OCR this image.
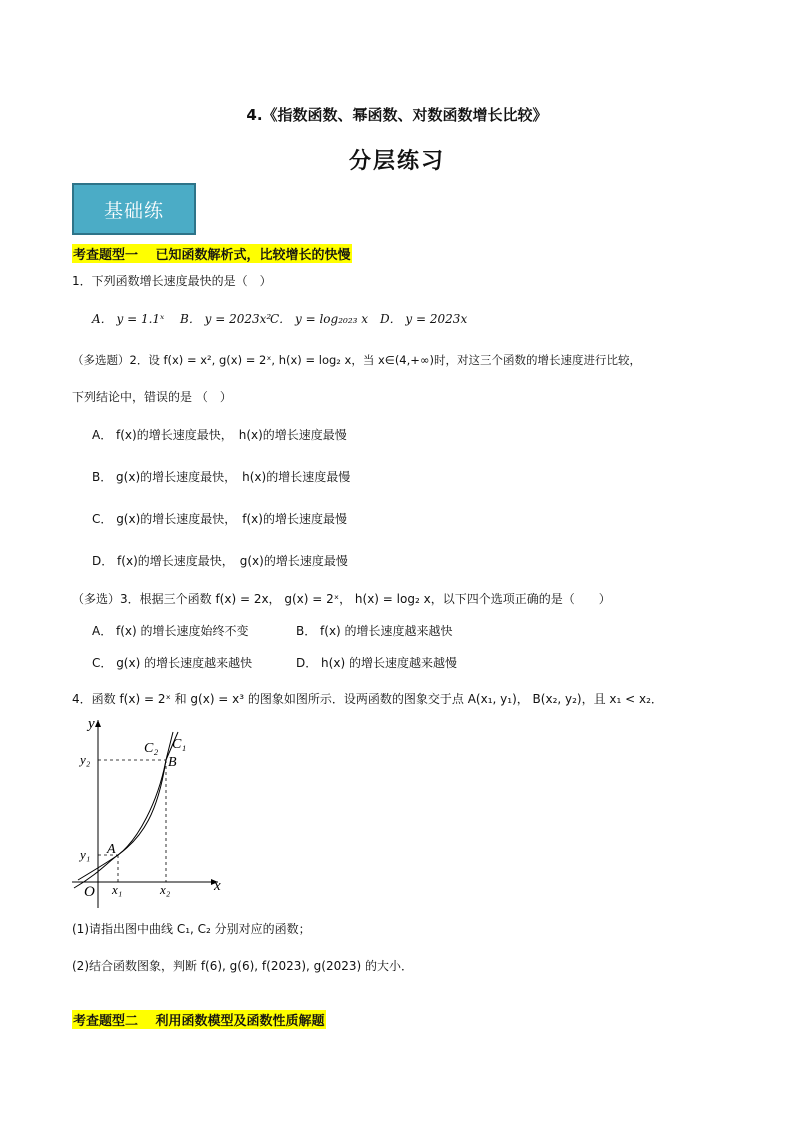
4.《指数函数、幂函数、对数函数增长比较》
分层练习
基础练
考查题型一　 已知函数解析式，比较增长的快慢
1．下列函数增长速度最快的是（　）
A． y = 1.1ˣ B． y = 2023x²
C． y = log₂₀₂₃ x D． y = 2023x
（多选题）2．设 f(x) = x², g(x) = 2ˣ, h(x) = log₂ x，当 x∈(4,+∞)时，对这三个函数的增长速度进行比较，
下列结论中，错误的是 （　）
A． f(x)的增长速度最快，　h(x)的增长速度最慢
B． g(x)的增长速度最快，　h(x)的增长速度最慢
C． g(x)的增长速度最快，　f(x)的增长速度最慢
D． f(x)的增长速度最快，　g(x)的增长速度最慢
（多选）3．根据三个函数 f(x) = 2x， g(x) = 2ˣ， h(x) = log₂ x，以下四个选项正确的是（　　）
A． f(x) 的增长速度始终不变	B． f(x) 的增长速度越来越快
C． g(x) 的增长速度越来越快	D． h(x) 的增长速度越来越慢
4．函数 f(x) = 2ˣ 和 g(x) = x³ 的图象如图所示．设两函数的图象交于点 A(x₁, y₁)， B(x₂, y₂)，且 x₁ < x₂．
y
x
O
y₂
y₁
x₁	x₂
A
B
C₂ C₁
(1)请指出图中曲线 C₁, C₂ 分别对应的函数；
(2)结合函数图象，判断 f(6), g(6), f(2023), g(2023) 的大小．
考查题型二　 利用函数模型及函数性质解题
